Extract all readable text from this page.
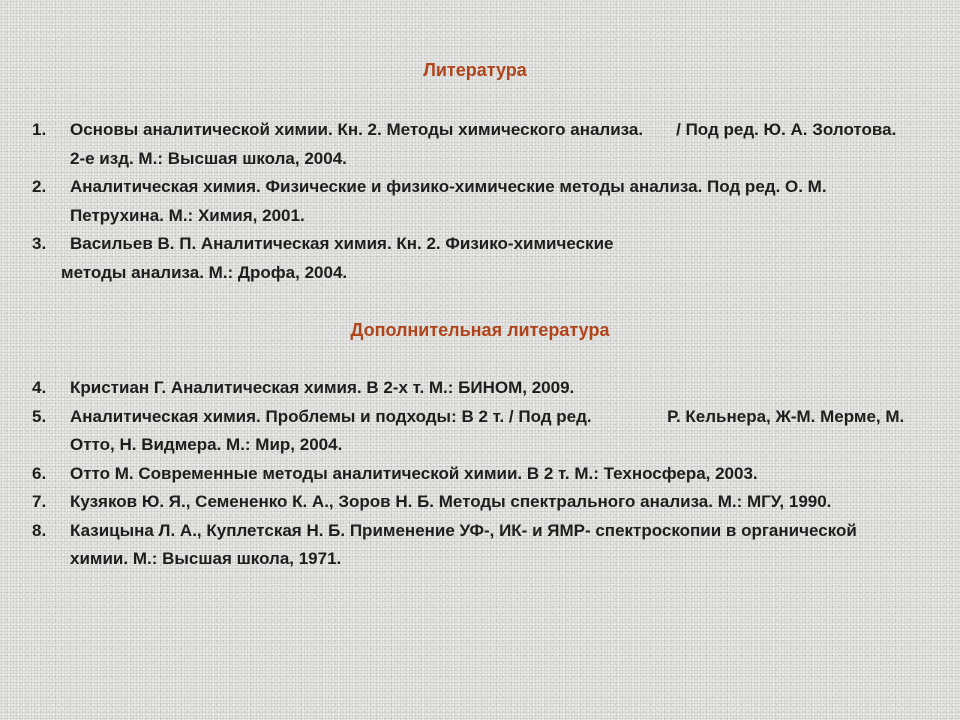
Литература
1. Основы аналитической химии. Кн. 2. Методы химического анализа.       / Под ред. Ю. А. Золотова. 2-е изд. М.: Высшая школа, 2004.
2. Аналитическая химия. Физические и физико-химические методы анализа. Под ред. О. М. Петрухина. М.: Химия, 2001.
3. Васильев В. П. Аналитическая химия. Кн. 2. Физико-химические
методы анализа. М.: Дрофа, 2004.
Дополнительная литература
4. Кристиан Г. Аналитическая химия. В 2-х т. М.: БИНОМ, 2009.
5. Аналитическая химия. Проблемы и подходы: В 2 т. / Под ред.                Р. Кельнера, Ж-М. Мерме, М. Отто, Н. Видмера. М.: Мир, 2004.
6. Отто М. Современные методы аналитической химии. В 2 т. М.: Техносфера, 2003.
7. Кузяков Ю. Я., Семененко К. А., Зоров Н. Б. Методы спектрального анализа. М.: МГУ, 1990.
8. Казицына Л. А., Куплетская Н. Б. Применение УФ-, ИК- и ЯМР- спектроскопии в органической химии. М.: Высшая школа, 1971.
